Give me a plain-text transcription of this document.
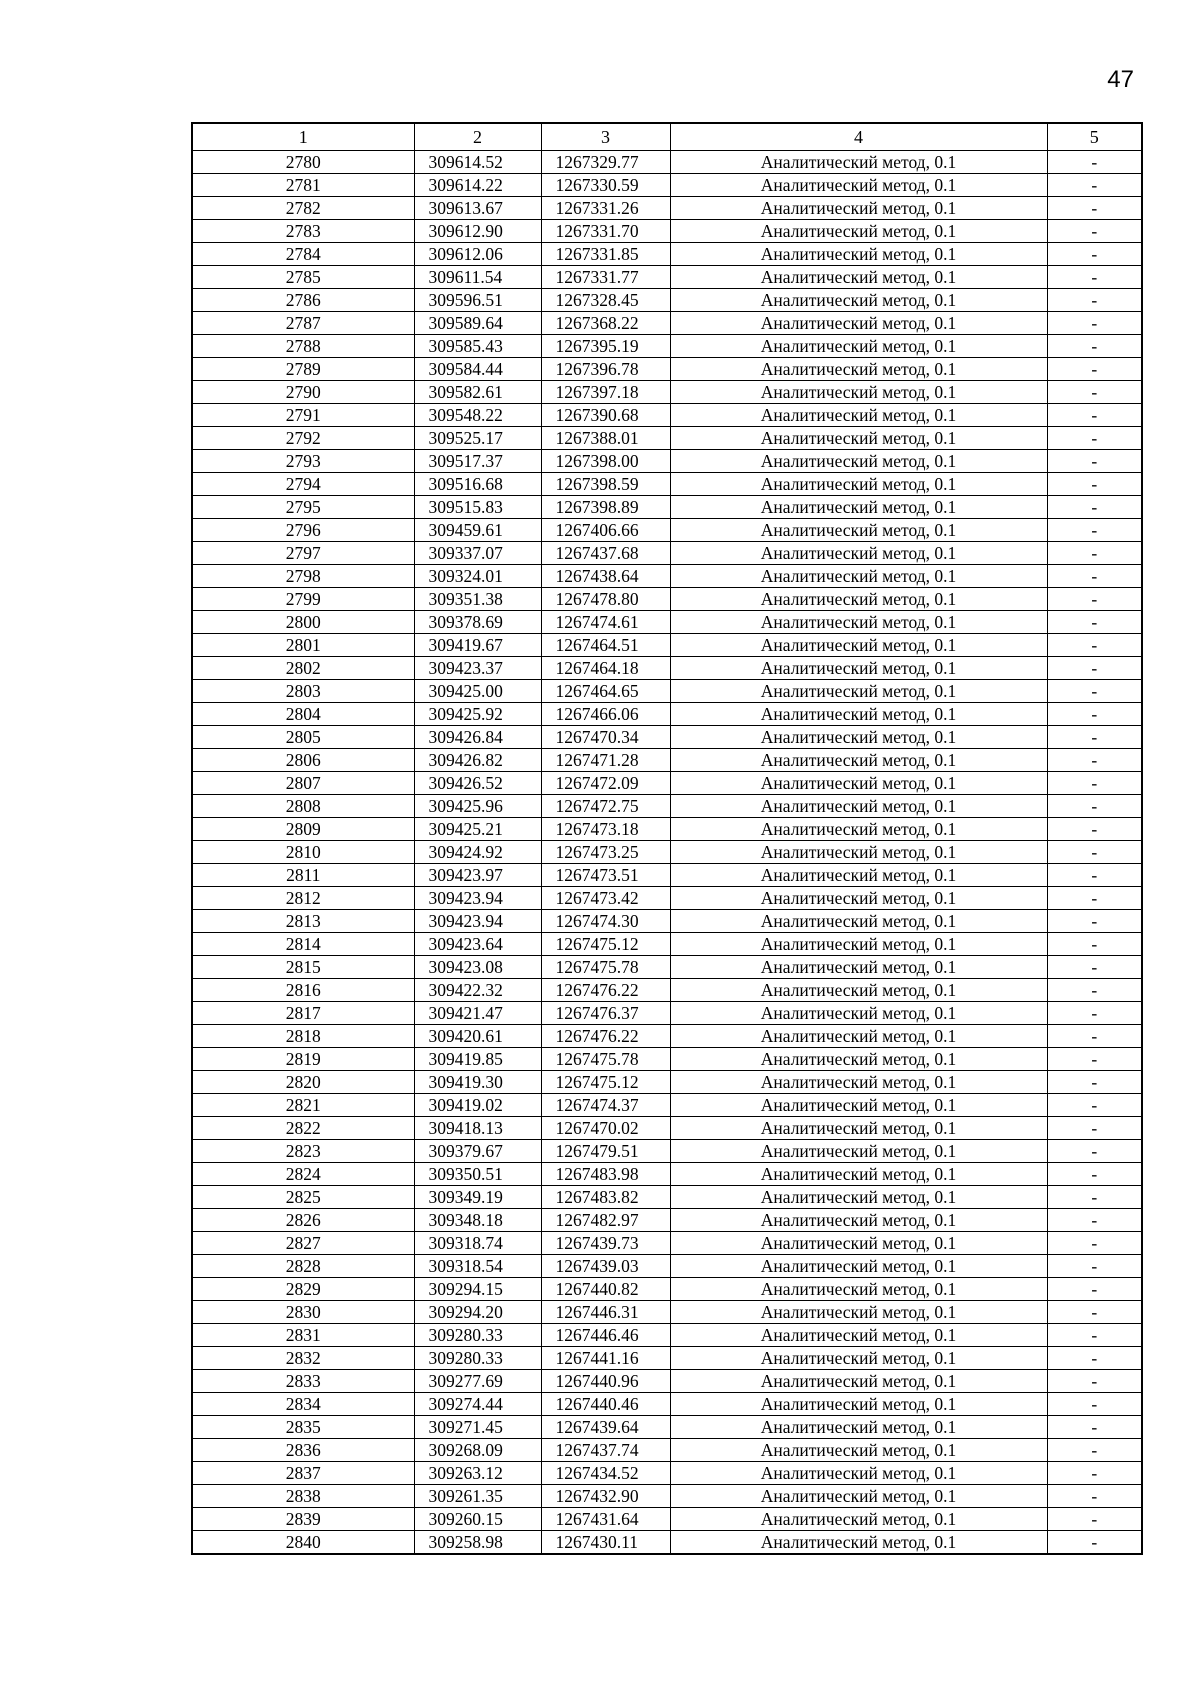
47
1	2	3	4	5
2780	309614.52	1267329.77	Аналитический метод, 0.1	-
2781	309614.22	1267330.59	Аналитический метод, 0.1	-
2782	309613.67	1267331.26	Аналитический метод, 0.1	-
2783	309612.90	1267331.70	Аналитический метод, 0.1	-
2784	309612.06	1267331.85	Аналитический метод, 0.1	-
2785	309611.54	1267331.77	Аналитический метод, 0.1	-
2786	309596.51	1267328.45	Аналитический метод, 0.1	-
2787	309589.64	1267368.22	Аналитический метод, 0.1	-
2788	309585.43	1267395.19	Аналитический метод, 0.1	-
2789	309584.44	1267396.78	Аналитический метод, 0.1	-
2790	309582.61	1267397.18	Аналитический метод, 0.1	-
2791	309548.22	1267390.68	Аналитический метод, 0.1	-
2792	309525.17	1267388.01	Аналитический метод, 0.1	-
2793	309517.37	1267398.00	Аналитический метод, 0.1	-
2794	309516.68	1267398.59	Аналитический метод, 0.1	-
2795	309515.83	1267398.89	Аналитический метод, 0.1	-
2796	309459.61	1267406.66	Аналитический метод, 0.1	-
2797	309337.07	1267437.68	Аналитический метод, 0.1	-
2798	309324.01	1267438.64	Аналитический метод, 0.1	-
2799	309351.38	1267478.80	Аналитический метод, 0.1	-
2800	309378.69	1267474.61	Аналитический метод, 0.1	-
2801	309419.67	1267464.51	Аналитический метод, 0.1	-
2802	309423.37	1267464.18	Аналитический метод, 0.1	-
2803	309425.00	1267464.65	Аналитический метод, 0.1	-
2804	309425.92	1267466.06	Аналитический метод, 0.1	-
2805	309426.84	1267470.34	Аналитический метод, 0.1	-
2806	309426.82	1267471.28	Аналитический метод, 0.1	-
2807	309426.52	1267472.09	Аналитический метод, 0.1	-
2808	309425.96	1267472.75	Аналитический метод, 0.1	-
2809	309425.21	1267473.18	Аналитический метод, 0.1	-
2810	309424.92	1267473.25	Аналитический метод, 0.1	-
2811	309423.97	1267473.51	Аналитический метод, 0.1	-
2812	309423.94	1267473.42	Аналитический метод, 0.1	-
2813	309423.94	1267474.30	Аналитический метод, 0.1	-
2814	309423.64	1267475.12	Аналитический метод, 0.1	-
2815	309423.08	1267475.78	Аналитический метод, 0.1	-
2816	309422.32	1267476.22	Аналитический метод, 0.1	-
2817	309421.47	1267476.37	Аналитический метод, 0.1	-
2818	309420.61	1267476.22	Аналитический метод, 0.1	-
2819	309419.85	1267475.78	Аналитический метод, 0.1	-
2820	309419.30	1267475.12	Аналитический метод, 0.1	-
2821	309419.02	1267474.37	Аналитический метод, 0.1	-
2822	309418.13	1267470.02	Аналитический метод, 0.1	-
2823	309379.67	1267479.51	Аналитический метод, 0.1	-
2824	309350.51	1267483.98	Аналитический метод, 0.1	-
2825	309349.19	1267483.82	Аналитический метод, 0.1	-
2826	309348.18	1267482.97	Аналитический метод, 0.1	-
2827	309318.74	1267439.73	Аналитический метод, 0.1	-
2828	309318.54	1267439.03	Аналитический метод, 0.1	-
2829	309294.15	1267440.82	Аналитический метод, 0.1	-
2830	309294.20	1267446.31	Аналитический метод, 0.1	-
2831	309280.33	1267446.46	Аналитический метод, 0.1	-
2832	309280.33	1267441.16	Аналитический метод, 0.1	-
2833	309277.69	1267440.96	Аналитический метод, 0.1	-
2834	309274.44	1267440.46	Аналитический метод, 0.1	-
2835	309271.45	1267439.64	Аналитический метод, 0.1	-
2836	309268.09	1267437.74	Аналитический метод, 0.1	-
2837	309263.12	1267434.52	Аналитический метод, 0.1	-
2838	309261.35	1267432.90	Аналитический метод, 0.1	-
2839	309260.15	1267431.64	Аналитический метод, 0.1	-
2840	309258.98	1267430.11	Аналитический метод, 0.1	-
